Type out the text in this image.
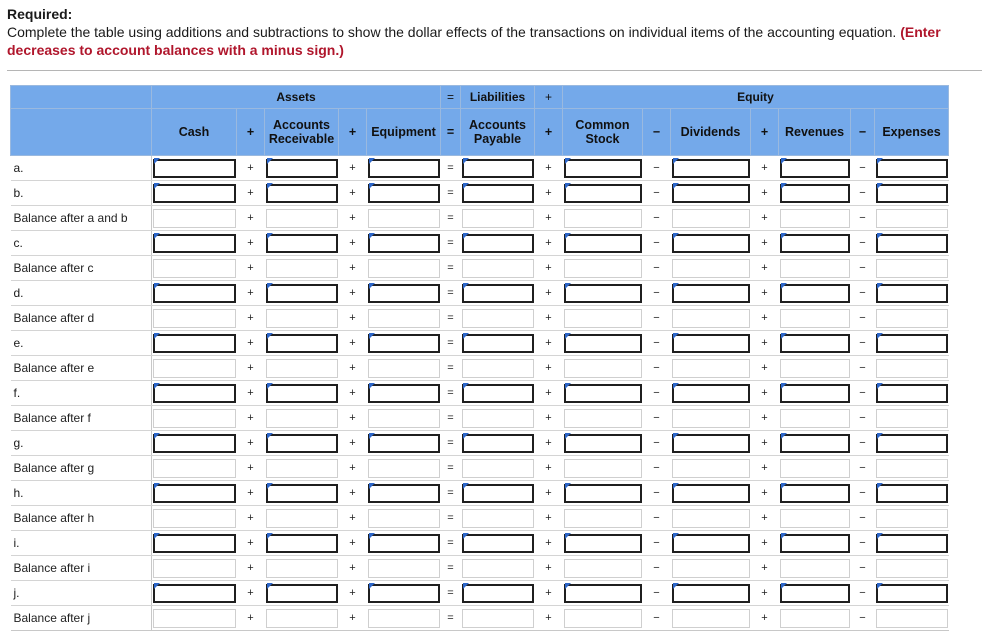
Required:

Complete the table using additions and subtractions to show the dollar effects of the transactions on individual items of the accounting equation. (Enter decreases to account balances with a minus sign.)

	Assets					=	Liabilities	+	Equity						
	Cash	+	Accounts Receivable	+	Equipment	=	Accounts Payable	+	Common Stock	−	Dividends	+	Revenues	−	Expenses
a.		+		+		=		+		−		+		−	

b.		+		+		=		+		−		+		−	

Balance after a and b		+		+		=		+		−		+		−	

c.		+		+		=		+		−		+		−	

Balance after c		+		+		=		+		−		+		−	

d.		+		+		=		+		−		+		−	

Balance after d		+		+		=		+		−		+		−	

e.		+		+		=		+		−		+		−	

Balance after e		+		+		=		+		−		+		−	

f.		+		+		=		+		−		+		−	

Balance after f		+		+		=		+		−		+		−	

g.		+		+		=		+		−		+		−	

Balance after g		+		+		=		+		−		+		−	

h.		+		+		=		+		−		+		−	

Balance after h		+		+		=		+		−		+		−	

i.		+		+		=		+		−		+		−	

Balance after i		+		+		=		+		−		+		−	

j.		+		+		=		+		−		+		−	

Balance after j		+		+		=		+		−		+		−	
